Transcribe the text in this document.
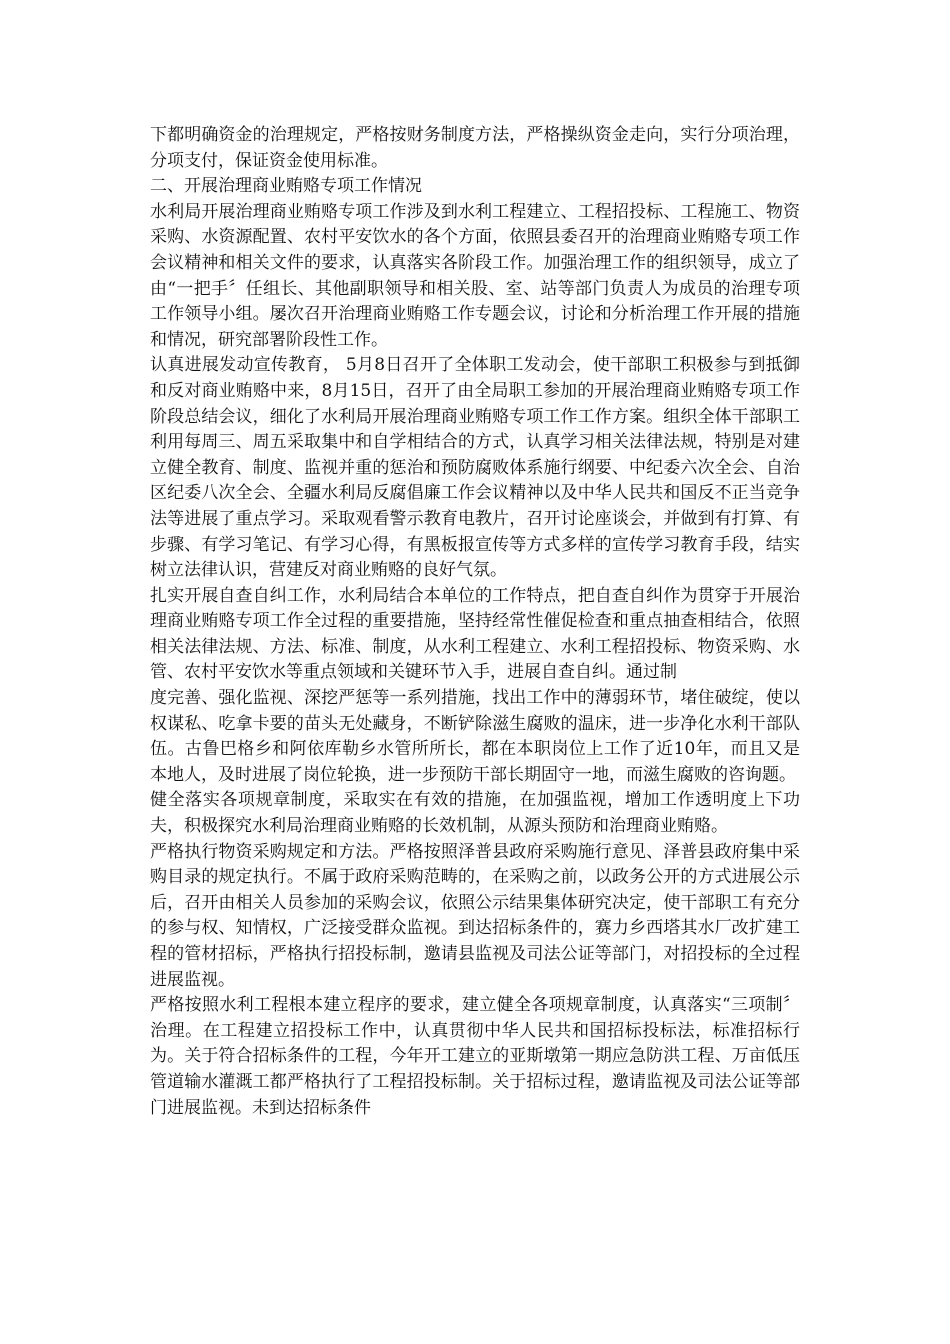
下都明确资金的治理规定，严格按财务制度方法，严格操纵资金走向，实行分项治理，分项支付，保证资金使用标准。

二、开展治理商业贿赂专项工作情况

水利局开展治理商业贿赂专项工作涉及到水利工程建立、工程招投标、工程施工、物资采购、水资源配置、农村平安饮水的各个方面，依照县委召开的治理商业贿赂专项工作会议精神和相关文件的要求，认真落实各阶段工作。加强治理工作的组织领导，成立了由“一把手〞任组长、其他副职领导和相关股、室、站等部门负责人为成员的治理专项工作领导小组。屡次召开治理商业贿赂工作专题会议，讨论和分析治理工作开展的措施和情况，研究部署阶段性工作。

认真进展发动宣传教育， 5月8日召开了全体职工发动会，使干部职工积极参与到抵御和反对商业贿赂中来，8月15日，召开了由全局职工参加的开展治理商业贿赂专项工作阶段总结会议，细化了水利局开展治理商业贿赂专项工作工作方案。组织全体干部职工利用每周三、周五采取集中和自学相结合的方式，认真学习相关法律法规，特别是对建立健全教育、制度、监视并重的惩治和预防腐败体系施行纲要、中纪委六次全会、自治区纪委八次全会、全疆水利局反腐倡廉工作会议精神以及中华人民共和国反不正当竞争法等进展了重点学习。采取观看警示教育电教片，召开讨论座谈会，并做到有打算、有步骤、有学习笔记、有学习心得，有黑板报宣传等方式多样的宣传学习教育手段，结实树立法律认识，营建反对商业贿赂的良好气氛。

扎实开展自查自纠工作，水利局结合本单位的工作特点，把自查自纠作为贯穿于开展治理商业贿赂专项工作全过程的重要措施，坚持经常性催促检查和重点抽查相结合，依照相关法律法规、方法、标准、制度，从水利工程建立、水利工程招投标、物资采购、水管、农村平安饮水等重点领域和关键环节入手，进展自查自纠。通过制

度完善、强化监视、深挖严惩等一系列措施，找出工作中的薄弱环节，堵住破绽，使以权谋私、吃拿卡要的苗头无处藏身，不断铲除滋生腐败的温床，进一步净化水利干部队伍。古鲁巴格乡和阿依库勒乡水管所所长，都在本职岗位上工作了近10年，而且又是本地人，及时进展了岗位轮换，进一步预防干部长期固守一地，而滋生腐败的咨询题。

健全落实各项规章制度，采取实在有效的措施，在加强监视，增加工作透明度上下功夫，积极探究水利局治理商业贿赂的长效机制，从源头预防和治理商业贿赂。

严格执行物资采购规定和方法。严格按照泽普县政府采购施行意见、泽普县政府集中采购目录的规定执行。不属于政府采购范畴的，在采购之前，以政务公开的方式进展公示后，召开由相关人员参加的采购会议，依照公示结果集体研究决定，使干部职工有充分的参与权、知情权，广泛接受群众监视。到达招标条件的，赛力乡西塔其水厂改扩建工程的管材招标，严格执行招投标制，邀请县监视及司法公证等部门，对招投标的全过程进展监视。

严格按照水利工程根本建立程序的要求，建立健全各项规章制度，认真落实“三项制〞治理。在工程建立招投标工作中，认真贯彻中华人民共和国招标投标法，标准招标行为。关于符合招标条件的工程，今年开工建立的亚斯墩第一期应急防洪工程、万亩低压管道输水灌溉工都严格执行了工程招投标制。关于招标过程，邀请监视及司法公证等部门进展监视。未到达招标条件
